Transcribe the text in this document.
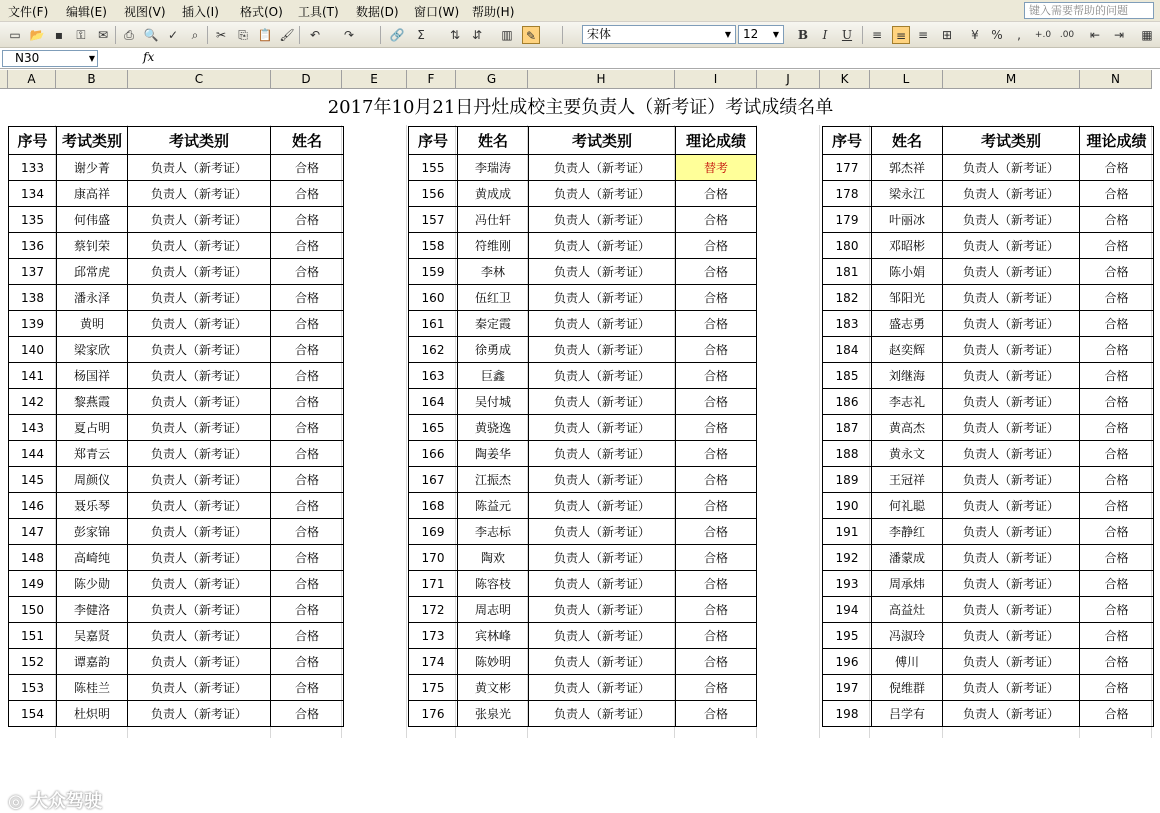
文件(F) 编辑(E) 视图(V) 插入(I) 格式(O) 工具(T) 数据(D) 窗口(W) 帮助(H)	键入需要帮助的问题
▭ 📂 ▪	⚿	✉	⎙ 🔍 ✓	⌕	✂	⎘ 📋 🖌	↶	↷	🔗	Σ	⇅ ⇵	▥	✎	宋体	▼ 12	▼	B	I	U	≡	≡ ≡	⊞	¥	%	,	+.0 .00	⇤	⇥	▦
N30	▼	fx
A	B	C	D	E	F	G	H	I	J	K	L	M	N
2017年10月21日丹灶成校主要负责人（新考证）考试成绩名单
序号	考试类别	考试类别	姓名
133	谢少菁	负责人（新考证）	合格
134	康高祥	负责人（新考证）	合格
135	何伟盛	负责人（新考证）	合格
136	蔡钊荣	负责人（新考证）	合格
137	邱常虎	负责人（新考证）	合格
138	潘永泽	负责人（新考证）	合格
139	黄明	负责人（新考证）	合格
140	梁家欣	负责人（新考证）	合格
141	杨国祥	负责人（新考证）	合格
142	黎燕霞	负责人（新考证）	合格
143	夏占明	负责人（新考证）	合格
144	郑青云	负责人（新考证）	合格
145	周颜仪	负责人（新考证）	合格
146	聂乐琴	负责人（新考证）	合格
147	彭家锦	负责人（新考证）	合格
148	高崎纯	负责人（新考证）	合格
149	陈少勋	负责人（新考证）	合格
150	李健洛	负责人（新考证）	合格
151	吴嘉贤	负责人（新考证）	合格
152	谭嘉韵	负责人（新考证）	合格
153	陈桂兰	负责人（新考证）	合格
154	杜炽明	负责人（新考证）	合格
序号	姓名	考试类别	理论成绩
155	李瑞涛	负责人（新考证）	替考
156	黄成成	负责人（新考证）	合格
157	冯仕轩	负责人（新考证）	合格
158	符维刚	负责人（新考证）	合格
159	李林	负责人（新考证）	合格
160	伍红卫	负责人（新考证）	合格
161	秦定霞	负责人（新考证）	合格
162	徐勇成	负责人（新考证）	合格
163	巨鑫	负责人（新考证）	合格
164	吴付城	负责人（新考证）	合格
165	黄骁逸	负责人（新考证）	合格
166	陶姜华	负责人（新考证）	合格
167	江振杰	负责人（新考证）	合格
168	陈益元	负责人（新考证）	合格
169	李志标	负责人（新考证）	合格
170	陶欢	负责人（新考证）	合格
171	陈容枝	负责人（新考证）	合格
172	周志明	负责人（新考证）	合格
173	宾林峰	负责人（新考证）	合格
174	陈妙明	负责人（新考证）	合格
175	黄文彬	负责人（新考证）	合格
176	张泉光	负责人（新考证）	合格
序号	姓名	考试类别	理论成绩
177	郭杰祥	负责人（新考证）	合格
178	梁永江	负责人（新考证）	合格
179	叶丽冰	负责人（新考证）	合格
180	邓昭彬	负责人（新考证）	合格
181	陈小娟	负责人（新考证）	合格
182	邹阳光	负责人（新考证）	合格
183	盛志勇	负责人（新考证）	合格
184	赵奕辉	负责人（新考证）	合格
185	刘继海	负责人（新考证）	合格
186	李志礼	负责人（新考证）	合格
187	黄高杰	负责人（新考证）	合格
188	黄永文	负责人（新考证）	合格
189	王冠祥	负责人（新考证）	合格
190	何礼聪	负责人（新考证）	合格
191	李静红	负责人（新考证）	合格
192	潘蒙成	负责人（新考证）	合格
193	周承炜	负责人（新考证）	合格
194	高益灶	负责人（新考证）	合格
195	冯淑玲	负责人（新考证）	合格
196	傅川	负责人（新考证）	合格
197	倪维群	负责人（新考证）	合格
198	吕学有	负责人（新考证）	合格
◎ 大众驾驶
